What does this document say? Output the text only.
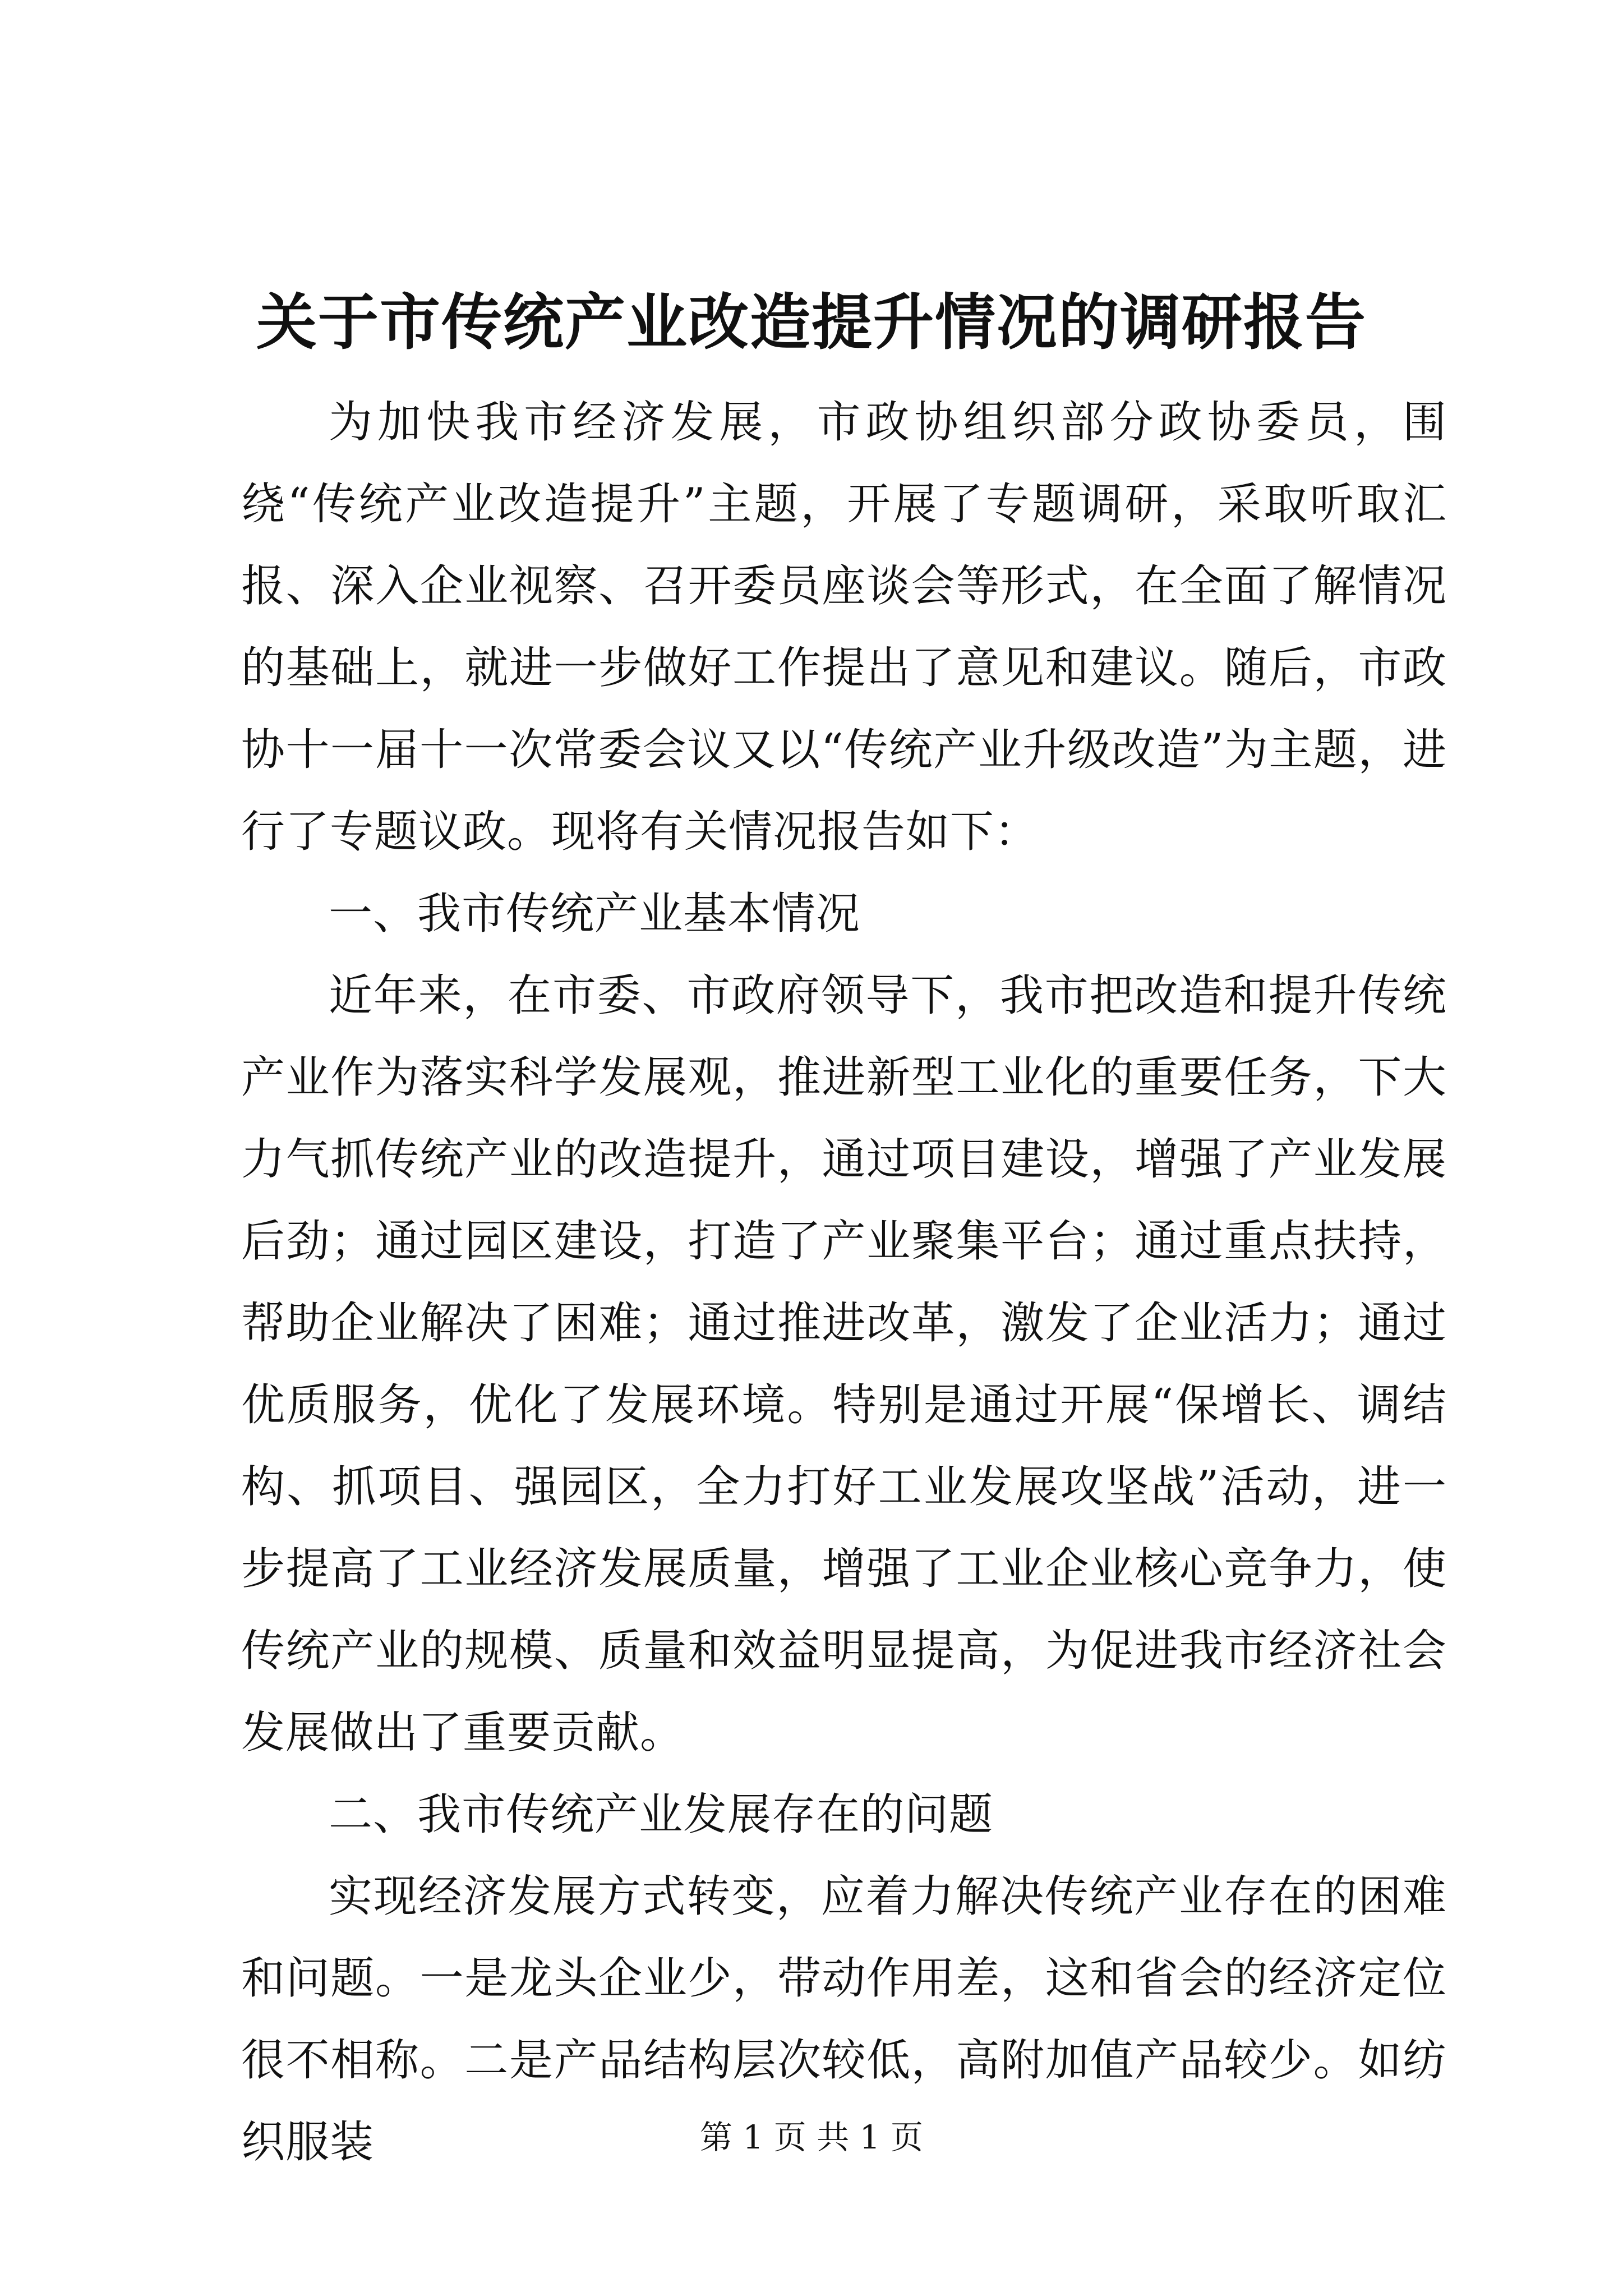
关于市传统产业改造提升情况的调研报告

为加快我市经济发展，市政协组织部分政协委员，围绕“传统产业改造提升”主题，开展了专题调研，采取听取汇报、深入企业视察、召开委员座谈会等形式，在全面了解情况的基础上，就进一步做好工作提出了意见和建议。随后，市政协十一届十一次常委会议又以“传统产业升级改造”为主题，进行了专题议政。现将有关情况报告如下：

一、我市传统产业基本情况

近年来，在市委、市政府领导下，我市把改造和提升传统产业作为落实科学发展观，推进新型工业化的重要任务，下大力气抓传统产业的改造提升，通过项目建设，增强了产业发展后劲；通过园区建设，打造了产业聚集平台；通过重点扶持，帮助企业解决了困难；通过推进改革，激发了企业活力；通过优质服务，优化了发展环境。特别是通过开展“保增长、调结构、抓项目、强园区，全力打好工业发展攻坚战”活动，进一步提高了工业经济发展质量，增强了工业企业核心竞争力，使传统产业的规模、质量和效益明显提高，为促进我市经济社会发展做出了重要贡献。

二、我市传统产业发展存在的问题

实现经济发展方式转变，应着力解决传统产业存在的困难和问题。一是龙头企业少，带动作用差，这和省会的经济定位很不相称。二是产品结构层次较低，高附加值产品较少。如纺织服装	第 1 页 共 1 页
